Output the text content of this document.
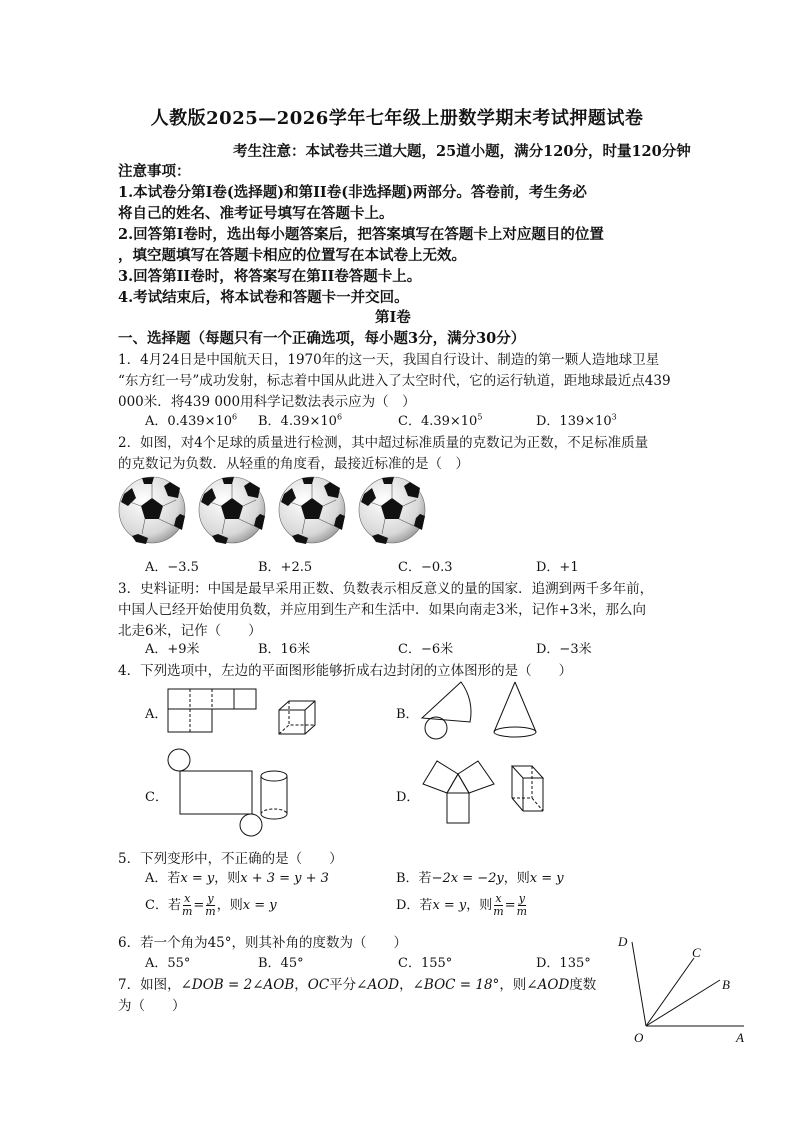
人教版2025—2026学年七年级上册数学期末考试押题试卷
考生注意：本试卷共三道大题，25道小题，满分120分，时量120分钟
注意事项：
1.本试卷分第Ⅰ卷(选择题)和第II卷(非选择题)两部分。答卷前，考生务必
将自己的姓名、准考证号填写在答题卡上。
2.回答第Ⅰ卷时，选出每小题答案后，把答案填写在答题卡上对应题目的位置
，填空题填写在答题卡相应的位置写在本试卷上无效。
3.回答第II卷时，将答案写在第II卷答题卡上。
4.考试结束后，将本试卷和答题卡一并交回。
第Ⅰ卷
一、选择题（每题只有一个正确选项，每小题3分，满分30分）
1．4月24日是中国航天日，1970年的这一天，我国自行设计、制造的第一颗人造地球卫星
“东方红一号”成功发射，标志着中国从此进入了太空时代，它的运行轨道，距地球最近点439
000米．将439 000用科学记数法表示应为（　）
A．$0.439\times 10^6$ B．$4.39\times 10^6$	C．$4.39\times 10^5$	D．$139\times 10^3$
2．如图，对4个足球的质量进行检测，其中超过标准质量的克数记为正数，不足标准质量
的克数记为负数．从轻重的角度看，最接近标准的是（　）
A．−3.5	B．+2.5	C．−0.3	D．+1
3．史料证明：中国是最早采用正数、负数表示相反意义的量的国家．追溯到两千多年前，
中国人已经开始使用负数，并应用到生产和生活中．如果向南走3米，记作+3米，那么向
北走6米，记作（　　）
A．+9米	B．16米	C．−6米	D．−3米
4．下列选项中，左边的平面图形能够折成右边封闭的立体图形的是（　　）
A．	B．
C．	D．
5．下列变形中，不正确的是（　　）
A．若x = y，则x + 3 = y + 3	B．若−2x = −2y，则x = y
C．若 $\frac{x}{m} = \frac{y}{m}$ ，则x = y	D．若x = y，则 $\frac{x}{m} = \frac{y}{m}$
6．若一个角为45°，则其补角的度数为（　　）
A．55°	B．45°	C．155°	D．135°
7．如图，∠DOB = 2∠AOB，OC平分∠AOD，∠BOC = 18°，则∠AOD度数
为（　　）
D
C
B
O	A
